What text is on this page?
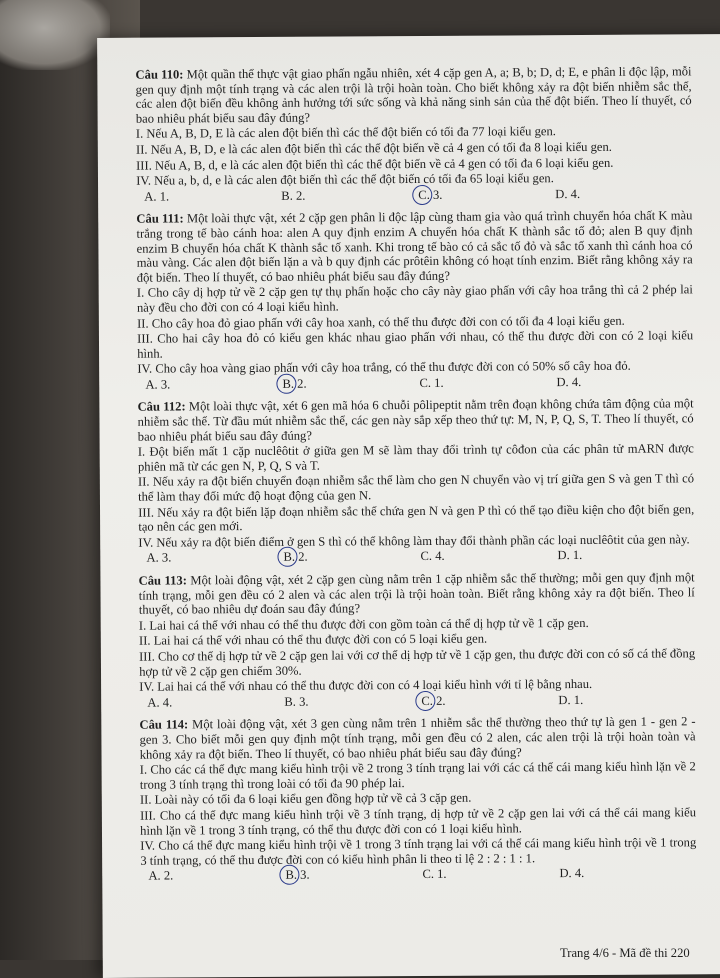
Câu 110: Một quần thể thực vật giao phấn ngẫu nhiên, xét 4 cặp gen A, a; B, b; D, d; E, e phân li độc lập, mỗi gen quy định một tính trạng và các alen trội là trội hoàn toàn. Cho biết không xảy ra đột biến nhiễm sắc thể, các alen đột biến đều không ảnh hưởng tới sức sống và khả năng sinh sản của thể đột biến. Theo lí thuyết, có bao nhiêu phát biểu sau đây đúng?

I. Nếu A, B, D, E là các alen đột biến thì các thể đột biến có tối đa 77 loại kiểu gen.

II. Nếu A, B, D, e là các alen đột biến thì các thể đột biến về cả 4 gen có tối đa 8 loại kiểu gen.

III. Nếu A, B, d, e là các alen đột biến thì các thể đột biến về cả 4 gen có tối đa 6 loại kiểu gen.

IV. Nếu a, b, d, e là các alen đột biến thì các thể đột biến có tối đa 65 loại kiểu gen.

A. 1.	B. 2.	C. 3.	D. 4.

Câu 111: Một loài thực vật, xét 2 cặp gen phân li độc lập cùng tham gia vào quá trình chuyển hóa chất K màu trắng trong tế bào cánh hoa: alen A quy định enzim A chuyển hóa chất K thành sắc tố đỏ; alen B quy định enzim B chuyển hóa chất K thành sắc tố xanh. Khi trong tế bào có cả sắc tố đỏ và sắc tố xanh thì cánh hoa có màu vàng. Các alen đột biến lặn a và b quy định các prôtêin không có hoạt tính enzim. Biết rằng không xảy ra đột biến. Theo lí thuyết, có bao nhiêu phát biểu sau đây đúng?

I. Cho cây dị hợp tử về 2 cặp gen tự thụ phấn hoặc cho cây này giao phấn với cây hoa trắng thì cả 2 phép lai này đều cho đời con có 4 loại kiểu hình.

II. Cho cây hoa đỏ giao phấn với cây hoa xanh, có thể thu được đời con có tối đa 4 loại kiểu gen.

III. Cho hai cây hoa đỏ có kiểu gen khác nhau giao phấn với nhau, có thể thu được đời con có 2 loại kiểu hình.

IV. Cho cây hoa vàng giao phấn với cây hoa trắng, có thể thu được đời con có 50% số cây hoa đỏ.

A. 3.	B. 2.	C. 1.	D. 4.

Câu 112: Một loài thực vật, xét 6 gen mã hóa 6 chuỗi pôlipeptit nằm trên đoạn không chứa tâm động của một nhiễm sắc thể. Từ đầu mút nhiễm sắc thể, các gen này sắp xếp theo thứ tự: M, N, P, Q, S, T. Theo lí thuyết, có bao nhiêu phát biểu sau đây đúng?

I. Đột biến mất 1 cặp nuclêôtit ở giữa gen M sẽ làm thay đổi trình tự côđon của các phân tử mARN được phiên mã từ các gen N, P, Q, S và T.

II. Nếu xảy ra đột biến chuyển đoạn nhiễm sắc thể làm cho gen N chuyển vào vị trí giữa gen S và gen T thì có thể làm thay đổi mức độ hoạt động của gen N.

III. Nếu xảy ra đột biến lặp đoạn nhiễm sắc thể chứa gen N và gen P thì có thể tạo điều kiện cho đột biến gen, tạo nên các gen mới.

IV. Nếu xảy ra đột biến điểm ở gen S thì có thể không làm thay đổi thành phần các loại nuclêôtit của gen này.

A. 3.	B. 2.	C. 4.	D. 1.

Câu 113: Một loài động vật, xét 2 cặp gen cùng nằm trên 1 cặp nhiễm sắc thể thường; mỗi gen quy định một tính trạng, mỗi gen đều có 2 alen và các alen trội là trội hoàn toàn. Biết rằng không xảy ra đột biến. Theo lí thuyết, có bao nhiêu dự đoán sau đây đúng?

I. Lai hai cá thể với nhau có thể thu được đời con gồm toàn cá thể dị hợp tử về 1 cặp gen.

II. Lai hai cá thể với nhau có thể thu được đời con có 5 loại kiểu gen.

III. Cho cơ thể dị hợp tử về 2 cặp gen lai với cơ thể dị hợp tử về 1 cặp gen, thu được đời con có số cá thể đồng hợp tử về 2 cặp gen chiếm 30%.

IV. Lai hai cá thể với nhau có thể thu được đời con có 4 loại kiểu hình với tỉ lệ bằng nhau.

A. 4.	B. 3.	C. 2.	D. 1.

Câu 114: Một loài động vật, xét 3 gen cùng nằm trên 1 nhiễm sắc thể thường theo thứ tự là gen 1 - gen 2 - gen 3. Cho biết mỗi gen quy định một tính trạng, mỗi gen đều có 2 alen, các alen trội là trội hoàn toàn và không xảy ra đột biến. Theo lí thuyết, có bao nhiêu phát biểu sau đây đúng?

I. Cho các cá thể đực mang kiểu hình trội về 2 trong 3 tính trạng lai với các cá thể cái mang kiểu hình lặn về 2 trong 3 tính trạng thì trong loài có tối đa 90 phép lai.

II. Loài này có tối đa 6 loại kiểu gen đồng hợp tử về cả 3 cặp gen.

III. Cho cá thể đực mang kiểu hình trội về 3 tính trạng, dị hợp tử về 2 cặp gen lai với cá thể cái mang kiểu hình lặn về 1 trong 3 tính trạng, có thể thu được đời con có 1 loại kiểu hình.

IV. Cho cá thể đực mang kiểu hình trội về 1 trong 3 tính trạng lai với cá thể cái mang kiểu hình trội về 1 trong 3 tính trạng, có thể thu được đời con có kiểu hình phân li theo tỉ lệ 2 : 2 : 1 : 1.

A. 2.	B. 3.	C. 1.	D. 4.
Trang 4/6 - Mã đề thi 220
